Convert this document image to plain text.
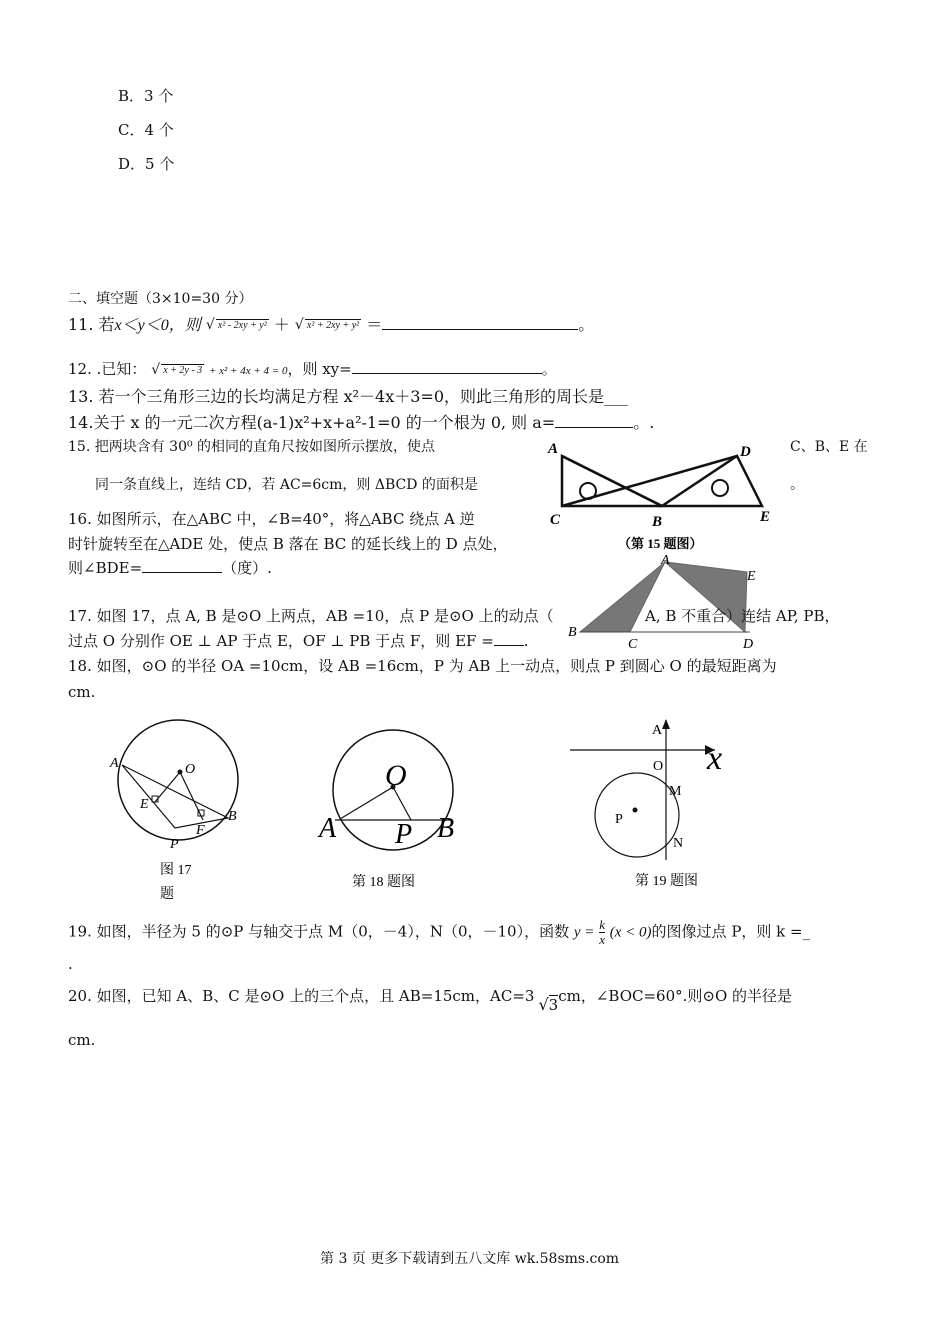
B．3 个
C．4 个
D．5 个
二、填空题（3×10=30 分）
11. 若x＜y＜0，则 √ x² - 2xy + y² ＋ √ x² + 2xy + y² ＝	。
12. .已知： √ x + 2y - 3 + x² + 4x + 4 = 0，则 xy=	。
13. 若一个三角形三边的长均满足方程 x²－4x＋3=0，则此三角形的周长是___
14.关于 x 的一元二次方程(a-1)x²+x+a²-1=0 的一个根为 0, 则 a=	。.
15. 把两块含有 30⁰ 的相同的直角尺按如图所示摆放，使点	C、B、E 在
同一条直线上，连结 CD，若 AC=6cm，则 ΔBCD 的面积是	。
A	D
C	B	E
（第 15 题图）
16. 如图所示，在△ABC 中，∠B=40°，将△ABC 绕点 A 逆
时针旋转至在△ADE 处，使点 B 落在 BC 的延长线上的 D 点处，
则∠BDE=	（度）.	A
E
B
C	D
17. 如图 17，点 A, B 是⊙O 上两点，AB =10，点 P 是⊙O 上的动点（	A, B 不重合）连结 AP, PB，
过点 O 分别作 OE ⊥ AP 于点 E，OF ⊥ PB 于点 F，则 EF = .
18. 如图，⊙O 的半径 OA =10cm，设 AB =16cm，P 为 AB 上一动点，则点 P 到圆心 O 的最短距离为
cm.
A	O
E
F
B
P
图 17
题
O
A P B
第 18 题图
A
x
O
M
P
N
第 19 题图
19. 如图，半径为 5 的⊙P 与轴交于点 M（0，－4），N（0，－10），函数 $y = \frac{k}{x} (x < 0)$的图像过点 P，则 k =_
.
20. 如图，已知 A、B、C 是⊙O 上的三个点，且 AB=15cm，AC=3 √3cm，∠BOC=60°.则⊙O 的半径是
cm.
第 3 页 更多下载请到五八文库 wk.58sms.com
